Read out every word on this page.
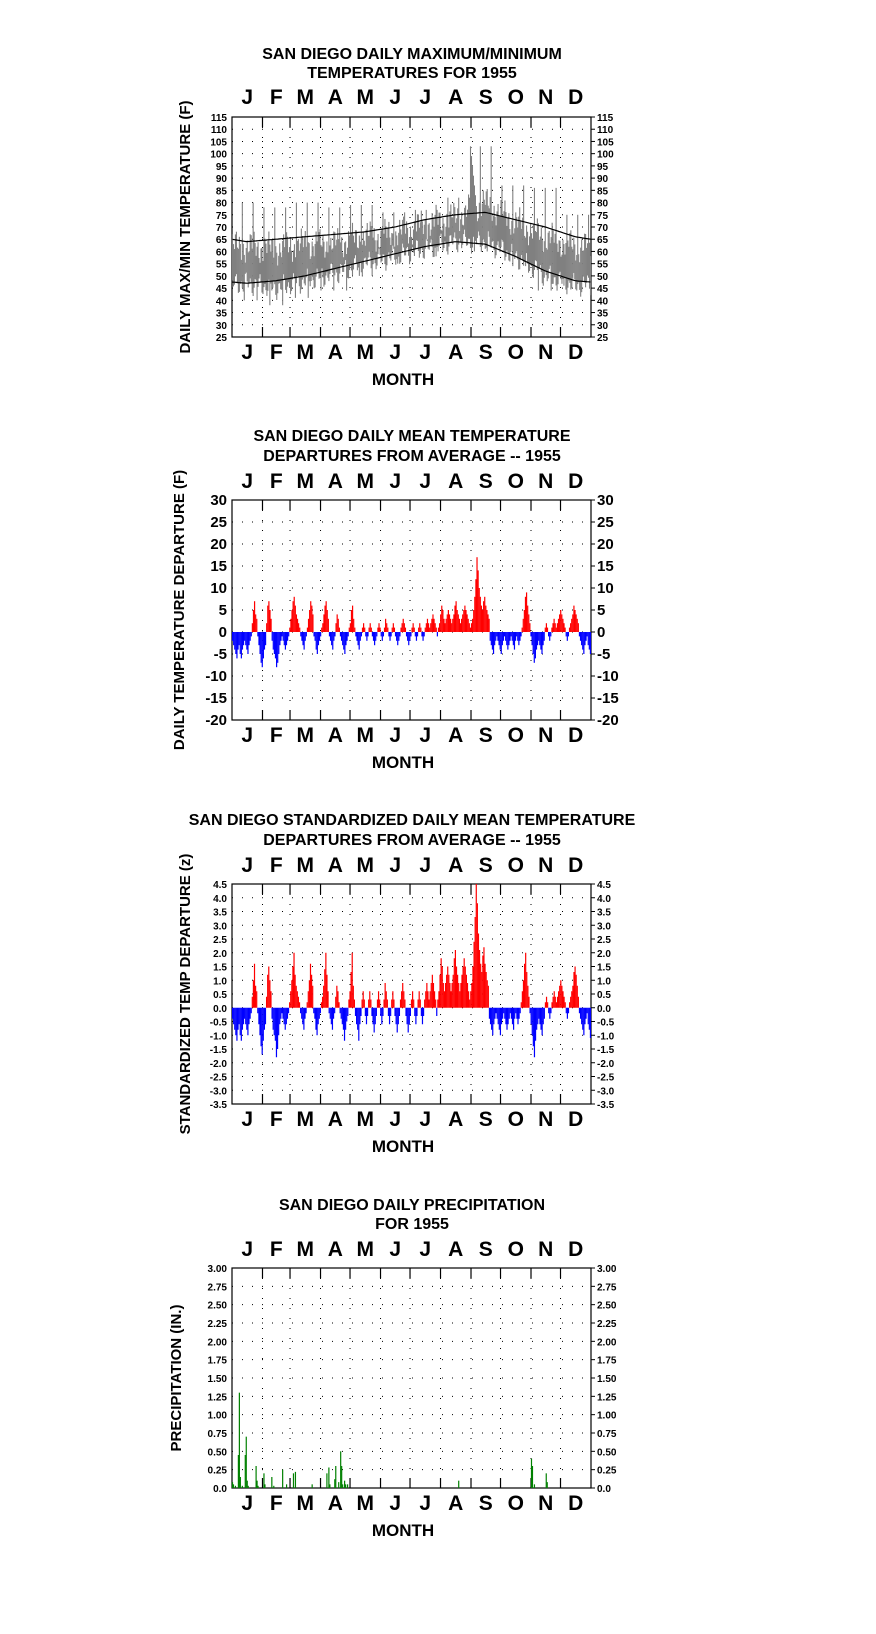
SAN DIEGO DAILY MAXIMUM/MINIMUM
TEMPERATURES FOR 1955
25	25
30	30
35	35
40	40
45	45
50	50
55	55
60	60
65	65
70	70
75	75
80	80
85	85
90	90
95	95
100	100
105	105
110	110
115	115
J
J
F
F
M
M
A
A
M
M
J
J
J
J
A
A
S
S
O
O
N
N
D
D
MONTH
DAILY MAX/MIN TEMPERATURE (F)
SAN DIEGO DAILY MEAN TEMPERATURE
DEPARTURES FROM AVERAGE -- 1955
-20	-20
-15	-15
-10	-10
-5	-5
0	0
5	5
10	10
15	15
20	20
25	25
30	30
J
J
F
F
M
M
A
A
M
M
J
J
J
J
A
A
S
S
O
O
N
N
D
D
MONTH
DAILY TEMPERATURE DEPARTURE (F)
SAN DIEGO STANDARDIZED DAILY MEAN TEMPERATURE
DEPARTURES FROM AVERAGE -- 1955
-3.5	-3.5
-3.0	-3.0
-2.5	-2.5
-2.0	-2.0
-1.5	-1.5
-1.0	-1.0
-0.5	-0.5
0.0	0.0
0.5	0.5
1.0	1.0
1.5	1.5
2.0	2.0
2.5	2.5
3.0	3.0
3.5	3.5
4.0	4.0
4.5	4.5
J
J
F
F
M
M
A
A
M
M
J
J
J
J
A
A
S
S
O
O
N
N
D
D
MONTH
STANDARDIZED TEMP DEPARTURE (z)
SAN DIEGO DAILY PRECIPITATION
FOR 1955
0.0	0.0
0.25	0.25
0.50	0.50
0.75	0.75
1.00	1.00
1.25	1.25
1.50	1.50
1.75	1.75
2.00	2.00
2.25	2.25
2.50	2.50
2.75	2.75
3.00	3.00
J
J
F
F
M
M
A
A
M
M
J
J
J
J
A
A
S
S
O
O
N
N
D
D
MONTH
PRECIPITATION (IN.)
